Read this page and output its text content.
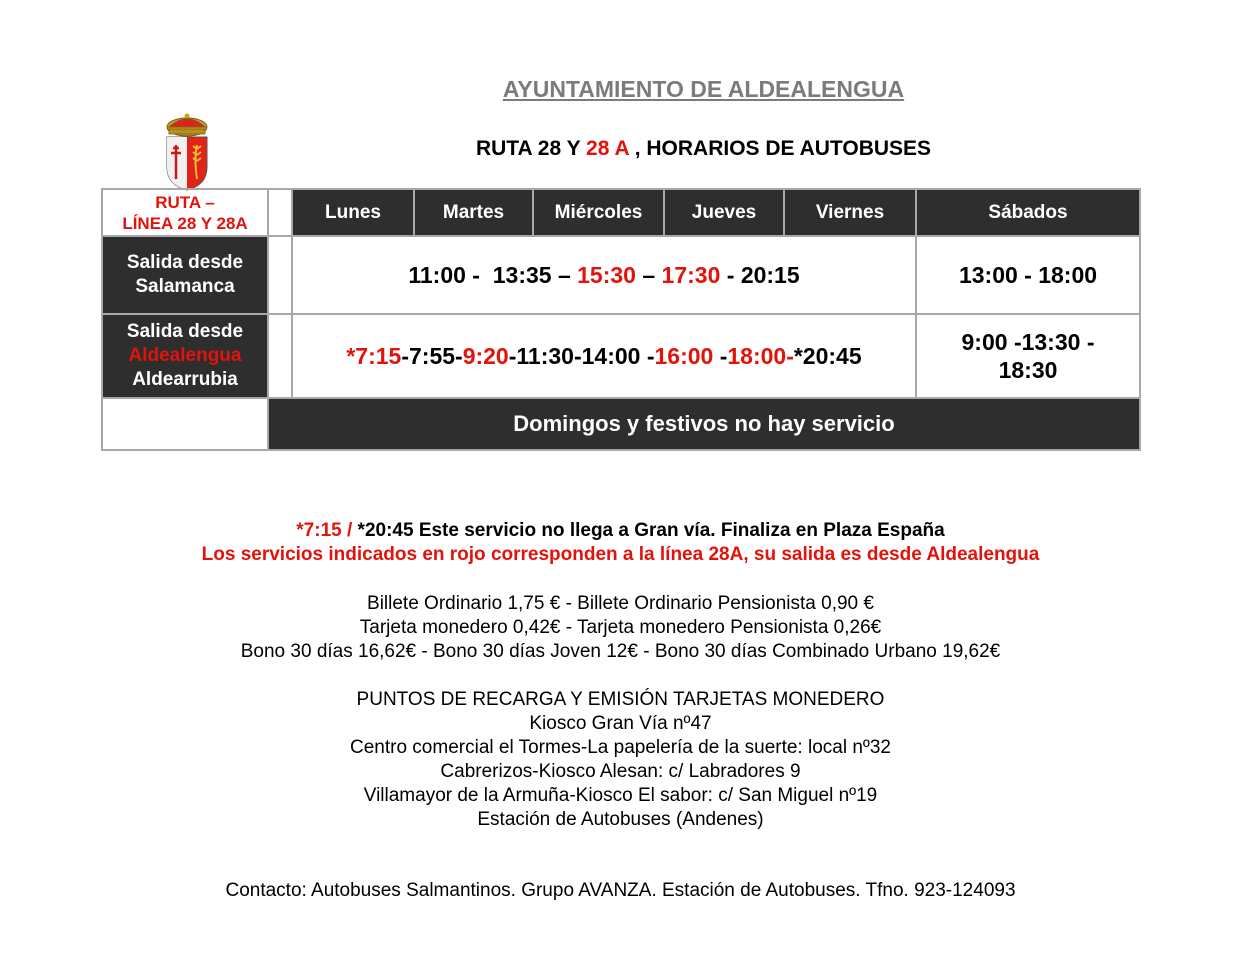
AYUNTAMIENTO DE ALDEALENGUA
RUTA 28 Y 28 A , HORARIOS DE AUTOBUSES
RUTA –
LÍNEA 28 Y 28A		Lunes	Martes	Miércoles	Jueves	Viernes	Sábados

Salida desde
Salamanca		11:00 -  13:35 – 15:30 – 17:30 - 20:15					13:00 - 18:00

Salida desde
Aldealengua
Aldearrubia		*7:15-7:55-9:20-11:30-14:00 -16:00 -18:00-*20:45					9:00 -13:30 -
18:30

	Domingos y festivos no hay servicio						
*7:15 / *20:45 Este servicio no llega a Gran vía. Finaliza en Plaza España
Los servicios indicados en rojo corresponden a la línea 28A, su salida es desde Aldealengua
Billete Ordinario 1,75 € - Billete Ordinario Pensionista 0,90 €
Tarjeta monedero 0,42€ - Tarjeta monedero Pensionista 0,26€
Bono 30 días 16,62€ - Bono 30 días Joven 12€ - Bono 30 días Combinado Urbano 19,62€
PUNTOS DE RECARGA Y EMISIÓN TARJETAS MONEDERO
Kiosco Gran Vía nº47
Centro comercial el Tormes-La papelería de la suerte: local nº32
Cabrerizos-Kiosco Alesan: c/ Labradores 9
Villamayor de la Armuña-Kiosco El sabor: c/ San Miguel nº19
Estación de Autobuses (Andenes)
Contacto: Autobuses Salmantinos. Grupo AVANZA. Estación de Autobuses. Tfno. 923-124093
